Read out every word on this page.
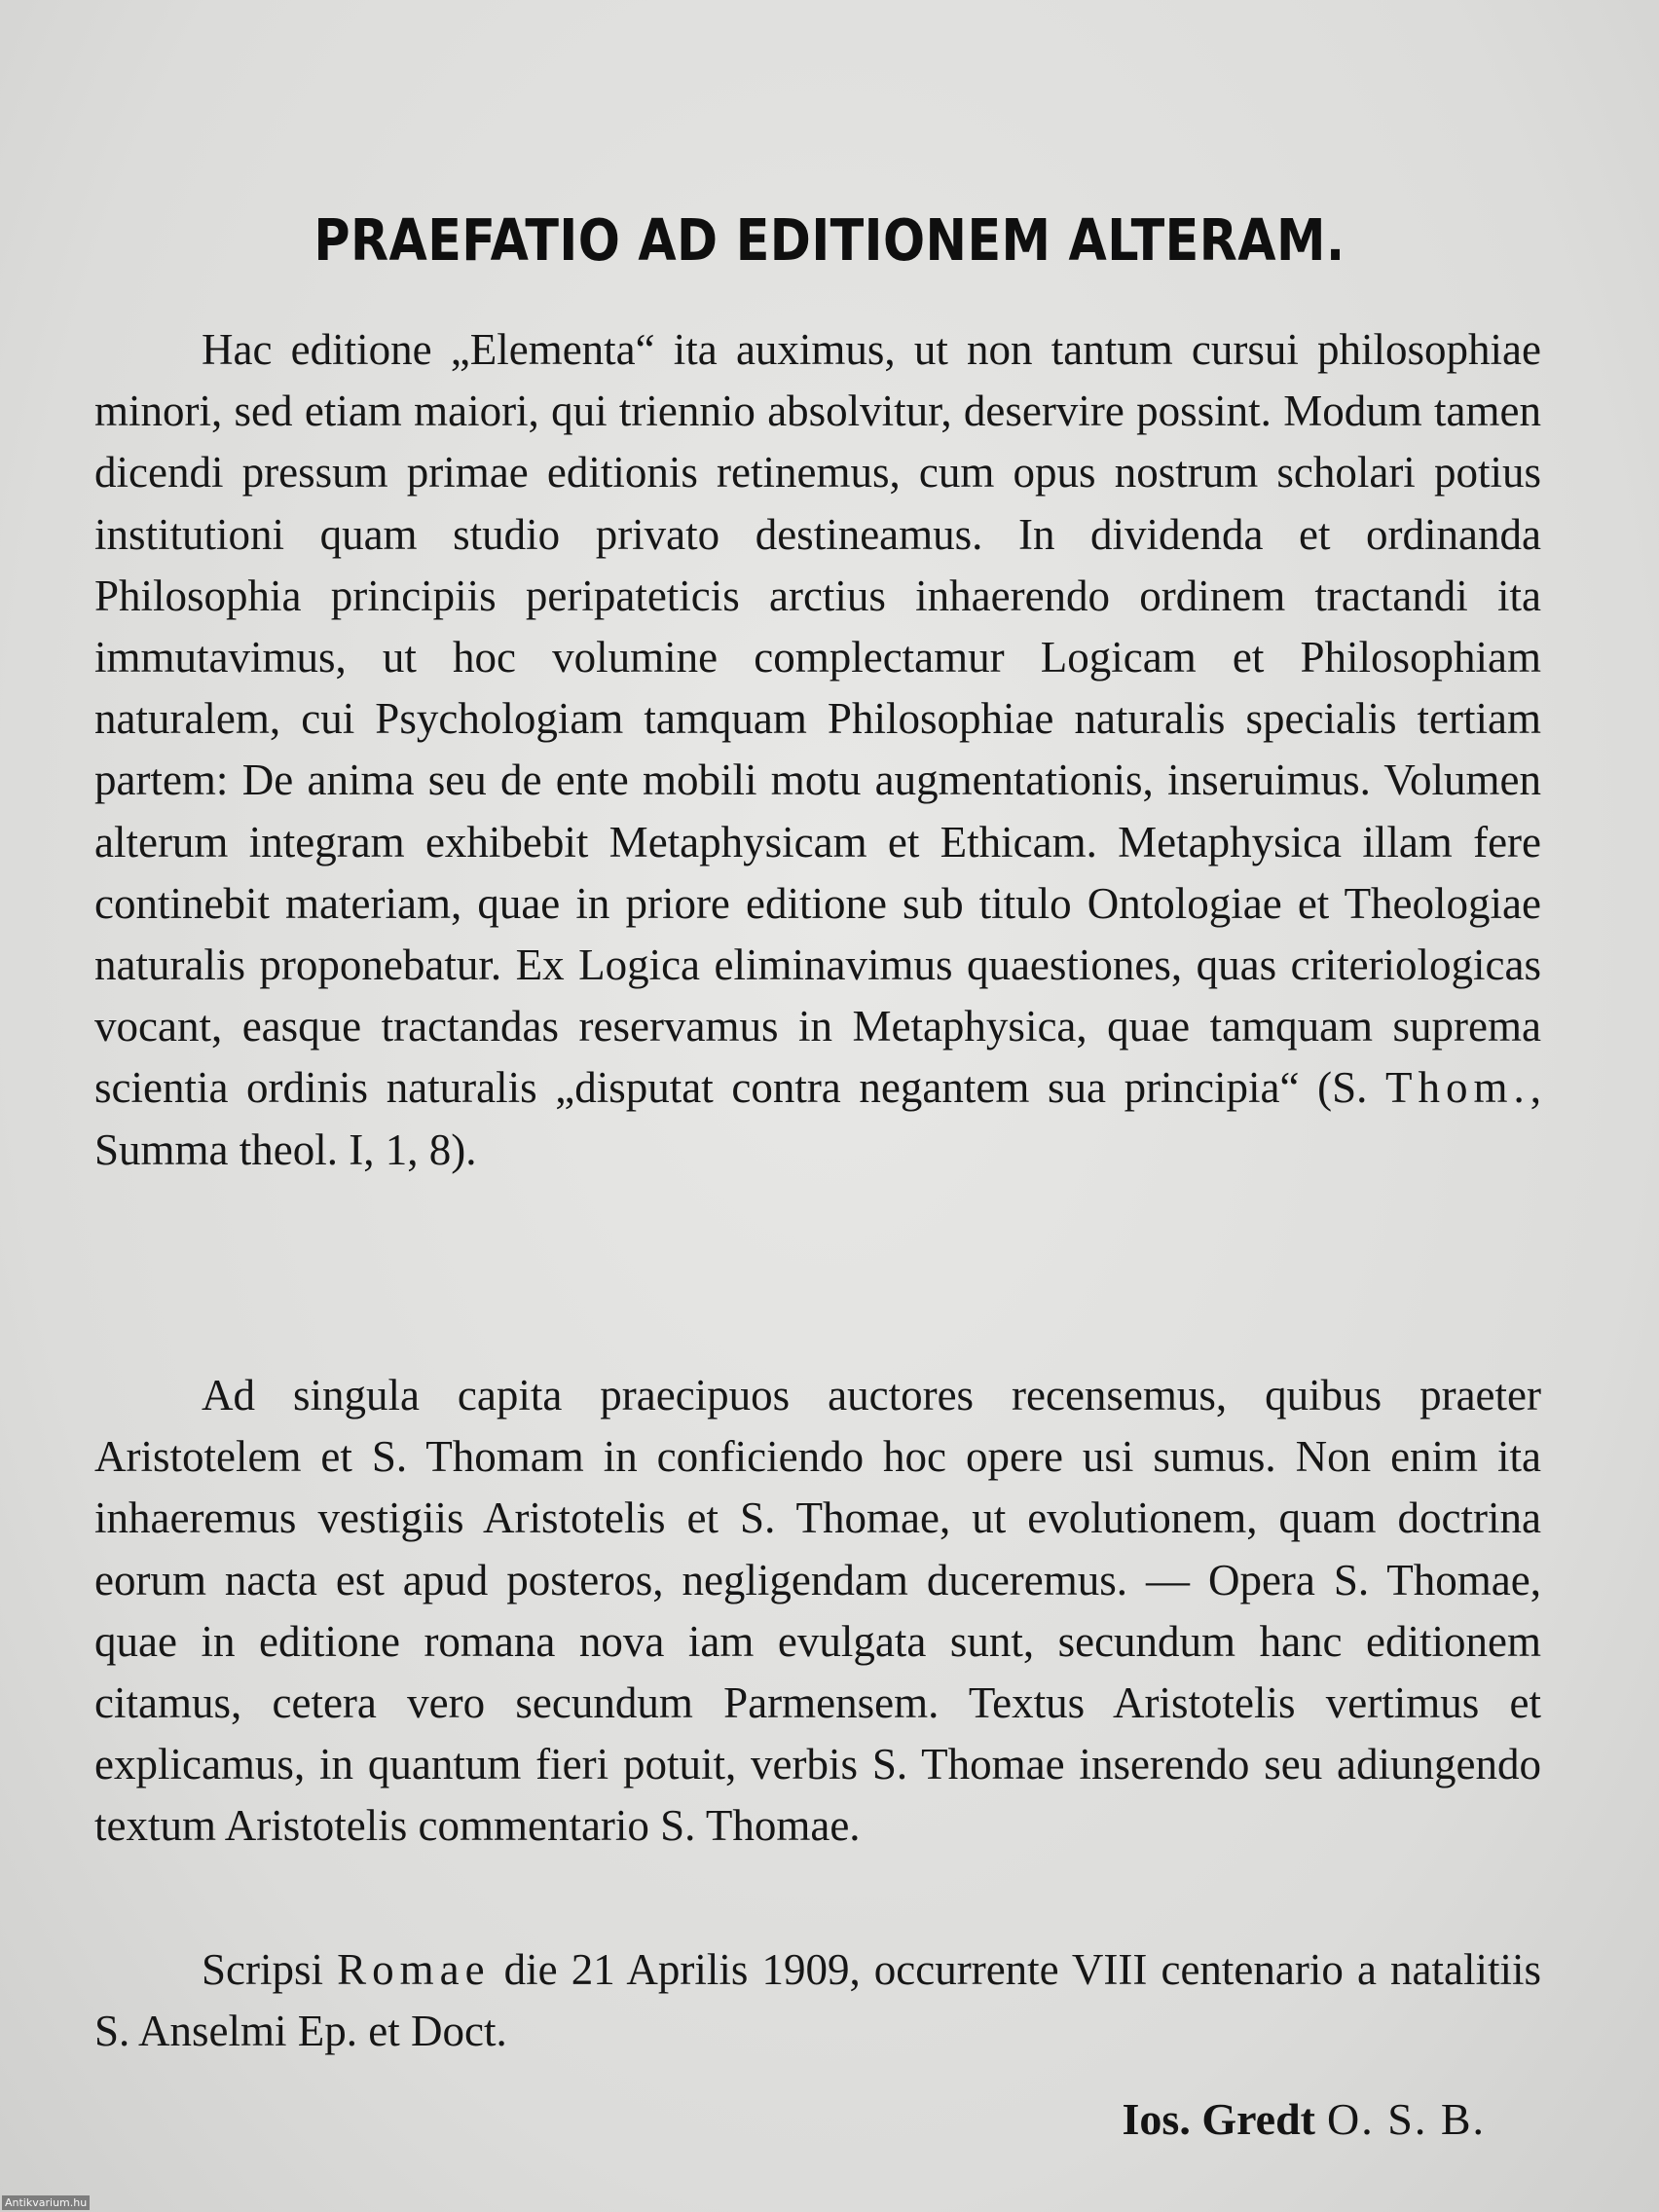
PRAEFATIO AD EDITIONEM ALTERAM.

Hac editione „Elementa“ ita auximus, ut non tantum cursui philosophiae minori, sed etiam maiori, qui triennio absolvitur, deservire possint. Modum tamen dicendi pressum primae editionis retinemus, cum opus nostrum scholari potius institutioni quam studio privato destineamus. In dividenda et ordinanda Philosophia principiis peripateticis arctius inhaerendo ordinem tractandi ita immutavimus, ut hoc volumine complectamur Logicam et Philosophiam naturalem, cui Psychologiam tamquam Philosophiae naturalis specialis tertiam partem: De anima seu de ente mobili motu augmentationis, inseruimus. Volumen alterum integram exhibebit Metaphysicam et Ethicam. Metaphysica illam fere continebit materiam, quae in priore editione sub titulo Ontologiae et Theologiae naturalis proponebatur. Ex Logica eliminavimus quaestiones, quas criteriologicas vocant, easque tractandas reservamus in Metaphysica, quae tamquam suprema scientia ordinis naturalis „disputat contra negantem sua principia“ (S. Thom., Summa theol. I, 1, 8).

Ad singula capita praecipuos auctores recensemus, quibus praeter Aristotelem et S. Thomam in conficiendo hoc opere usi sumus. Non enim ita inhaeremus vestigiis Aristotelis et S. Thomae, ut evolutionem, quam doctrina eorum nacta est apud posteros, negligendam duceremus. — Opera S. Thomae, quae in editione romana nova iam evulgata sunt, secundum hanc editionem citamus, cetera vero secundum Parmensem. Textus Aristotelis vertimus et explicamus, in quantum fieri potuit, verbis S. Thomae inserendo seu adiungendo textum Aristotelis commentario S. Thomae.

Scripsi Romae die 21 Aprilis 1909, occurrente VIII centenario a natalitiis S. Anselmi Ep. et Doct.

Ios. Gredt O. S. B.
Antikvarium.hu
